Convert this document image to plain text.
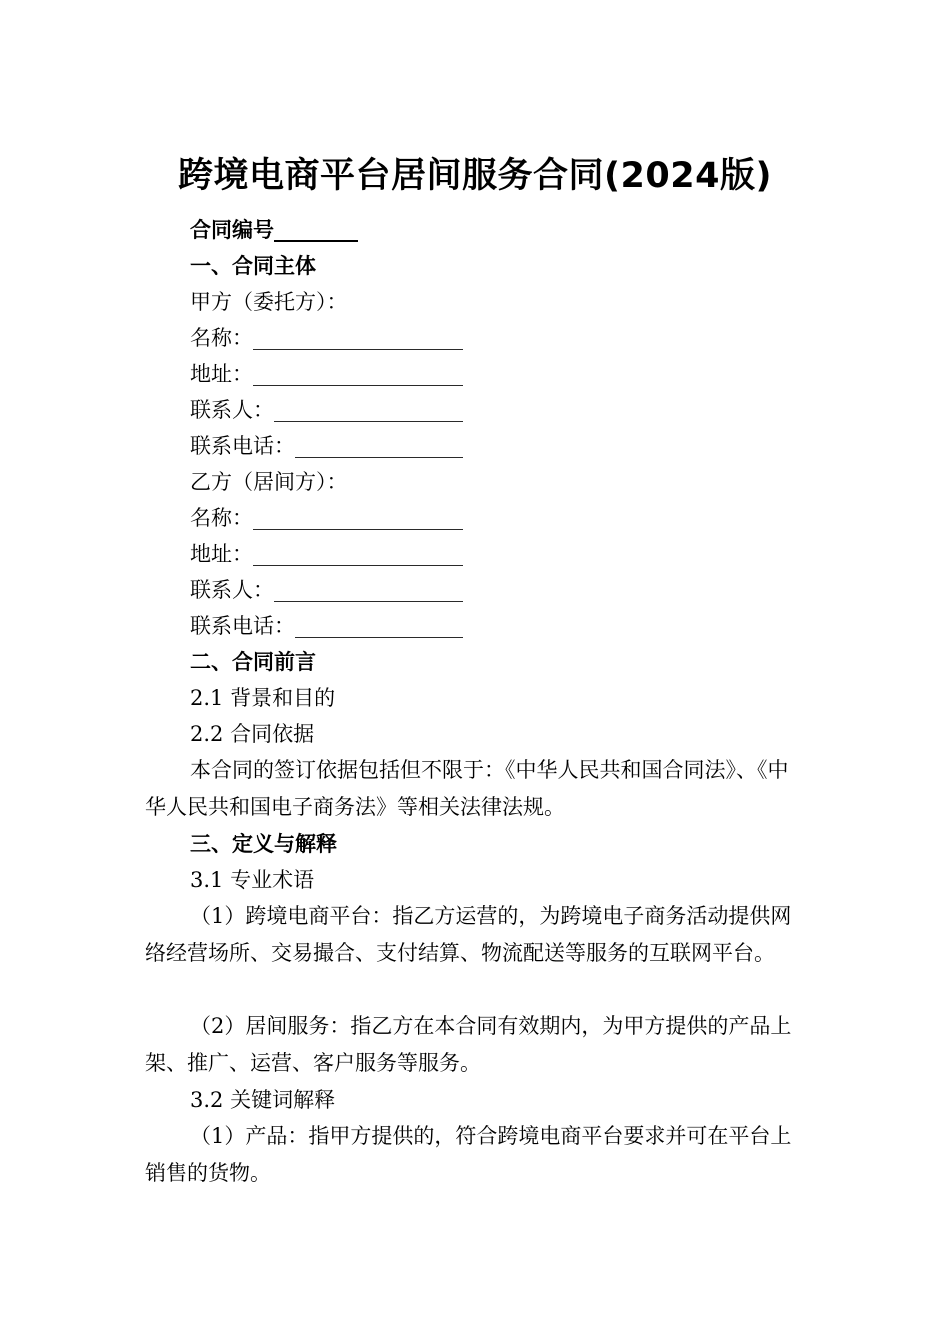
跨境电商平台居间服务合同(2024版)
合同编号________
一、合同主体
甲方（委托方）：
名称：____________________
地址：____________________
联系人：__________________
联系电话：________________
乙方（居间方）：
名称：____________________
地址：____________________
联系人：__________________
联系电话：________________
二、合同前言
2.1 背景和目的
2.2 合同依据
本合同的签订依据包括但不限于：《中华人民共和国合同法》、《中华人民共和国电子商务法》等相关法律法规。
三、定义与解释
3.1 专业术语
（1）跨境电商平台：指乙方运营的，为跨境电子商务活动提供网络经营场所、交易撮合、支付结算、物流配送等服务的互联网平台。
（2）居间服务：指乙方在本合同有效期内，为甲方提供的产品上架、推广、运营、客户服务等服务。
3.2 关键词解释
（1）产品：指甲方提供的，符合跨境电商平台要求并可在平台上销售的货物。
